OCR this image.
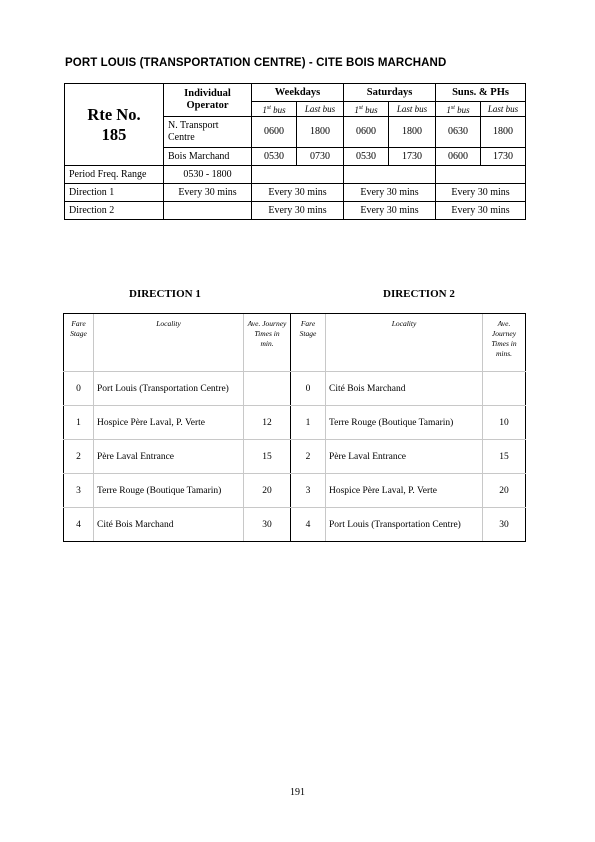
PORT LOUIS (TRANSPORTATION CENTRE) - CITE BOIS MARCHAND
Rte No.
185	Individual Operator	Weekdays		Saturdays		Suns. & PHs	
		1st bus	Last bus	1st bus	Last bus	1st bus	Last bus
	N. Transport Centre	0600	1800	0600	1800	0630	1800
	Bois Marchand	0530	0730	0530	1730	0600	1730
Period Freq. Range	0530 - 1800						
Direction 1	Every 30 mins	Every 30 mins		Every 30 mins		Every 30 mins	
Direction 2		Every 30 mins		Every 30 mins		Every 30 mins	
DIRECTION 1	DIRECTION 2
Fare Stage	Locality	Ave. Journey Times in min.	Fare Stage	Locality	Ave. Journey Times in mins.
0	Port Louis (Transportation Centre)		0	Cité Bois Marchand	
1	Hospice Père Laval, P. Verte	12	1	Terre Rouge (Boutique Tamarin)	10
2	Père Laval Entrance	15	2	Père Laval Entrance	15
3	Terre Rouge (Boutique Tamarin)	20	3	Hospice Père Laval, P. Verte	20
4	Cité Bois Marchand	30	4	Port Louis (Transportation Centre)	30
191
